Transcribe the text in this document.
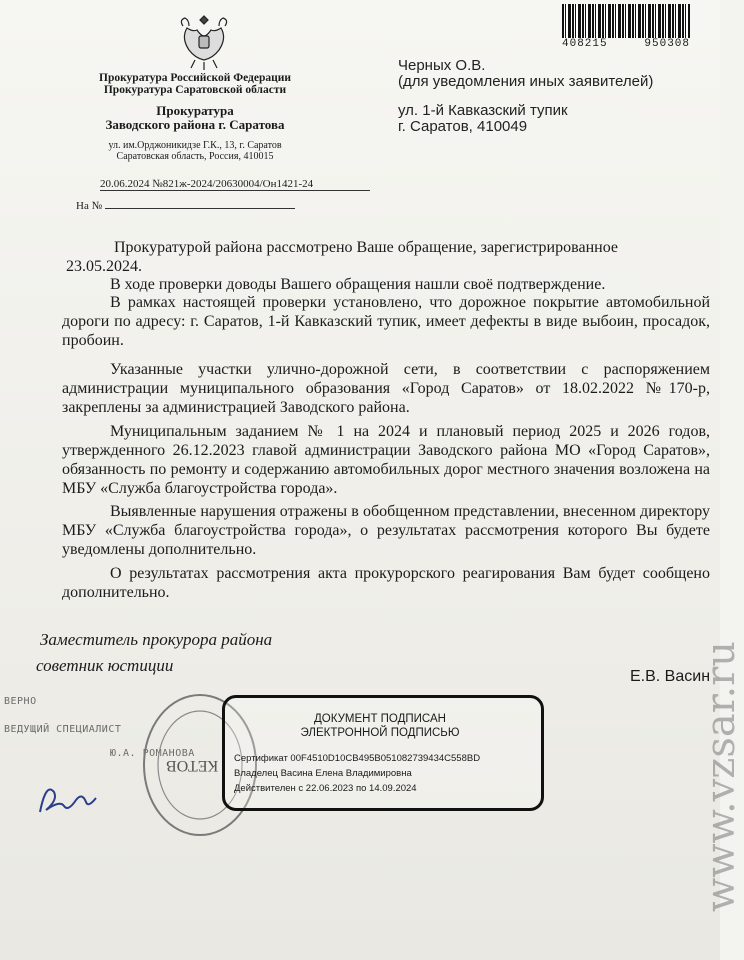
408215	950308
Прокуратура Российской Федерации
Прокуратура Саратовской области
Прокуратура
Заводского района г. Саратова
ул. им.Орджоникидзе Г.К., 13, г. Саратов
Саратовская область, Россия, 410015
20.06.2024 №821ж-2024/20630004/Он1421-24
На №
Черных О.В.
(для уведомления иных заявителей)
ул. 1-й Кавказский тупик
г. Саратов, 410049
Прокуратурой района рассмотрено Ваше обращение, зарегистрированное
23.05.2024.
В ходе проверки доводы Вашего обращения нашли своё подтверждение.
В рамках настоящей проверки установлено, что дорожное покрытие автомобильной дороги по адресу: г. Саратов, 1-й Кавказский тупик, имеет дефекты в виде выбоин, просадок, пробоин.
Указанные участки улично-дорожной сети, в соответствии с распоряжением администрации муниципального образования «Город Саратов» от 18.02.2022 №170-р, закреплены за администрацией Заводского района.
Муниципальным заданием № 1 на 2024 и плановый период 2025 и 2026 годов, утвержденного 26.12.2023 главой администрации Заводского района МО «Город Саратов», обязанность по ремонту и содержанию автомобильных дорог местного значения возложена на МБУ «Служба благоустройства города».
Выявленные нарушения отражены в обобщенном представлении, внесенном директору МБУ «Служба благоустройства города», о результатах рассмотрения которого Вы будете уведомлены дополнительно.
О результатах рассмотрения акта прокурорского реагирования Вам будет сообщено дополнительно.
Заместитель прокурора района
советник юстиции
Е.В. Васин
ВЕРНО
ВЕДУЩИЙ СПЕЦИАЛИСТ
Ю.А. РОМАНОВА
КЕТОВ
ДОКУМЕНТ ПОДПИСАН
ЭЛЕКТРОННОЙ ПОДПИСЬЮ
Сертификат 00F4510D10CB495B051082739434C558BD
Владелец Васина Елена Владимировна
Действителен с 22.06.2023 по 14.09.2024	www.vzsar.ru
